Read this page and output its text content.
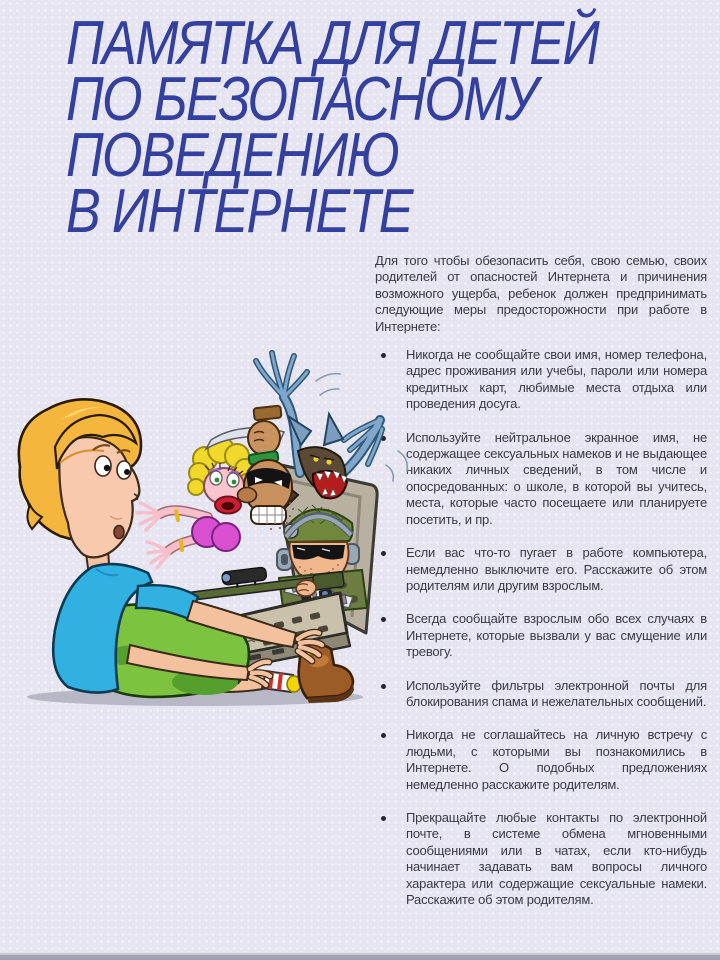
ПАМЯТКА ДЛЯ ДЕТЕЙ
ПО БЕЗОПАСНОМУ
ПОВЕДЕНИЮ
В ИНТЕРНЕТЕ

Для того чтобы обезопасить себя, свою семью, своих родителей от опасностей Интернета и причинения возможного ущерба, ребенок должен предпринимать следующие меры предосторожности при работе в Интернете:

Никогда не сообщайте свои имя, номер телефона, адрес проживания или учебы, пароли или номера кредитных карт, любимые места отдыха или проведения досуга.
Используйте нейтральное экранное имя, не содержащее сексуальных намеков и не выдающее никаких личных сведений, в том числе и опосредованных: о школе, в которой вы учитесь, места, которые часто посещаете или планируете посетить, и пр.
Если вас что-то пугает в работе компьютера, немедленно выключите его. Расскажите об этом родителям или другим взрослым.
Всегда сообщайте взрослым обо всех случаях в Интернете, которые вызвали у вас смущение или тревогу.
Используйте фильтры электронной почты для блокирования спама и нежелательных сообщений.
Никогда не соглашайтесь на личную встречу с людьми, с которыми вы познакомились в Интернете. О подобных предложениях немедленно расскажите родителям.
Прекращайте любые контакты по электронной почте, в системе обмена мгновенными сообщениями или в чатах, если кто-нибудь начинает задавать вам вопросы личного характера или содержащие сексуальные намеки. Расскажите об этом родителям.
